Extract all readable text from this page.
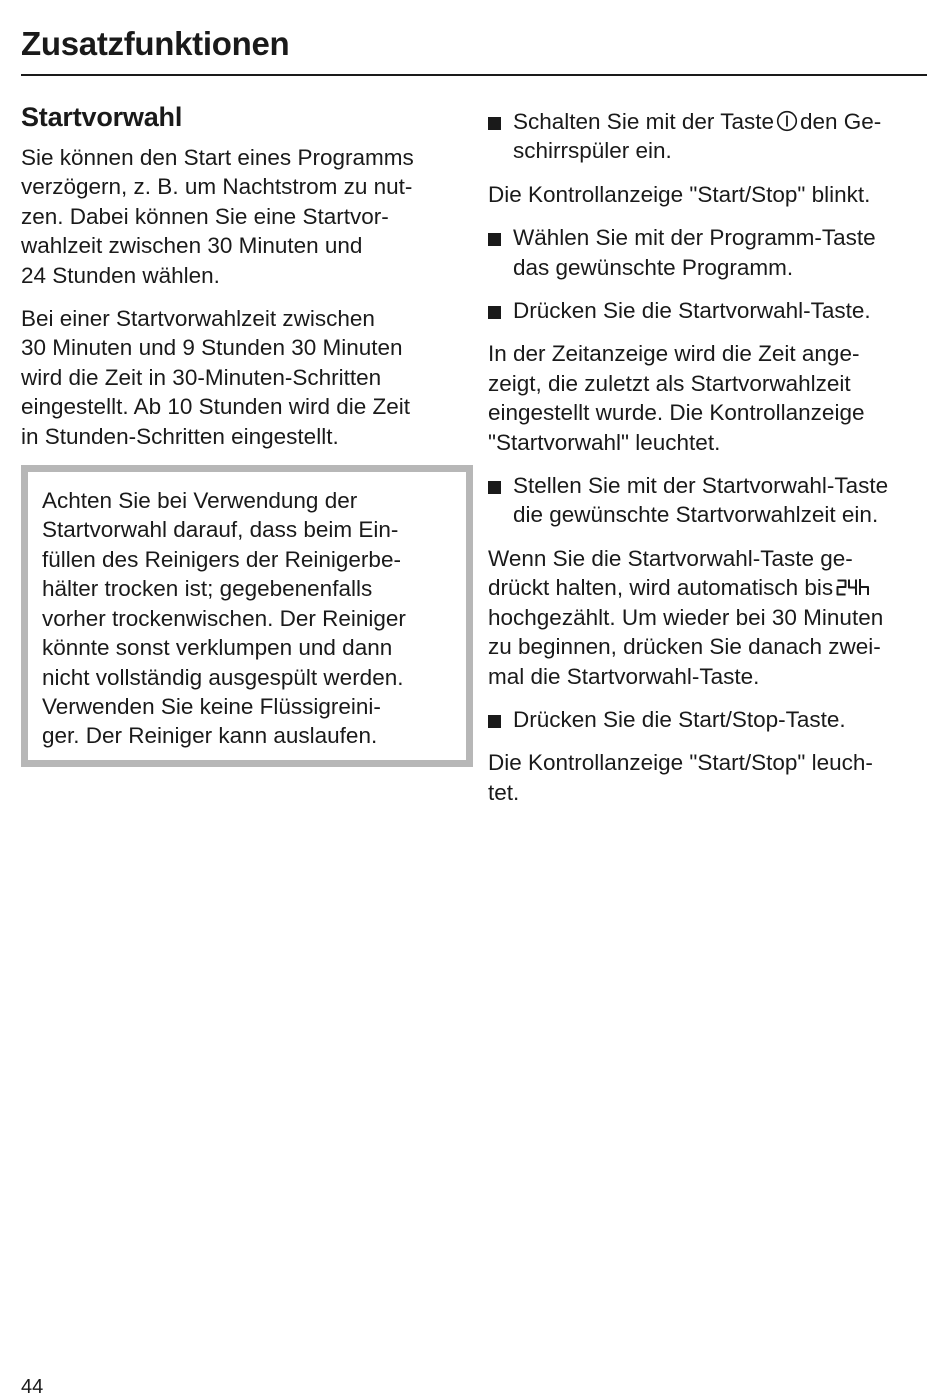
Zusatzfunktionen
Startvorwahl

Sie können den Start eines Programms
verzögern, z. B. um Nachtstrom zu nut-
zen. Dabei können Sie eine Startvor-
wahlzeit zwischen 30 Minuten und
24 Stunden wählen.

Bei einer Startvorwahlzeit zwischen
30 Minuten und 9 Stunden 30 Minuten
wird die Zeit in 30-Minuten-Schritten
eingestellt. Ab 10 Stunden wird die Zeit
in Stunden-Schritten eingestellt.

Achten Sie bei Verwendung der
Startvorwahl darauf, dass beim Ein-
füllen des Reinigers der Reinigerbe-
hälter trocken ist; gegebenenfalls
vorher trockenwischen. Der Reiniger
könnte sonst verklumpen und dann
nicht vollständig ausgespült werden.
Verwenden Sie keine Flüssigreini-
ger. Der Reiniger kann auslaufen.

Schalten Sie mit der Taste den Ge-
schirrspüler ein.

Die Kontrollanzeige "Start/Stop" blinkt.

Wählen Sie mit der Programm-Taste
das gewünschte Programm.
Drücken Sie die Startvorwahl-Taste.

In der Zeitanzeige wird die Zeit ange-
zeigt, die zuletzt als Startvorwahlzeit
eingestellt wurde. Die Kontrollanzeige
"Startvorwahl" leuchtet.

Stellen Sie mit der Startvorwahl-Taste
die gewünschte Startvorwahlzeit ein.

Wenn Sie die Startvorwahl-Taste ge-
drückt halten, wird automatisch bis
hochgezählt. Um wieder bei 30 Minuten
zu beginnen, drücken Sie danach zwei-
mal die Startvorwahl-Taste.

Drücken Sie die Start/Stop-Taste.

Die Kontrollanzeige "Start/Stop" leuch-
tet.

44
